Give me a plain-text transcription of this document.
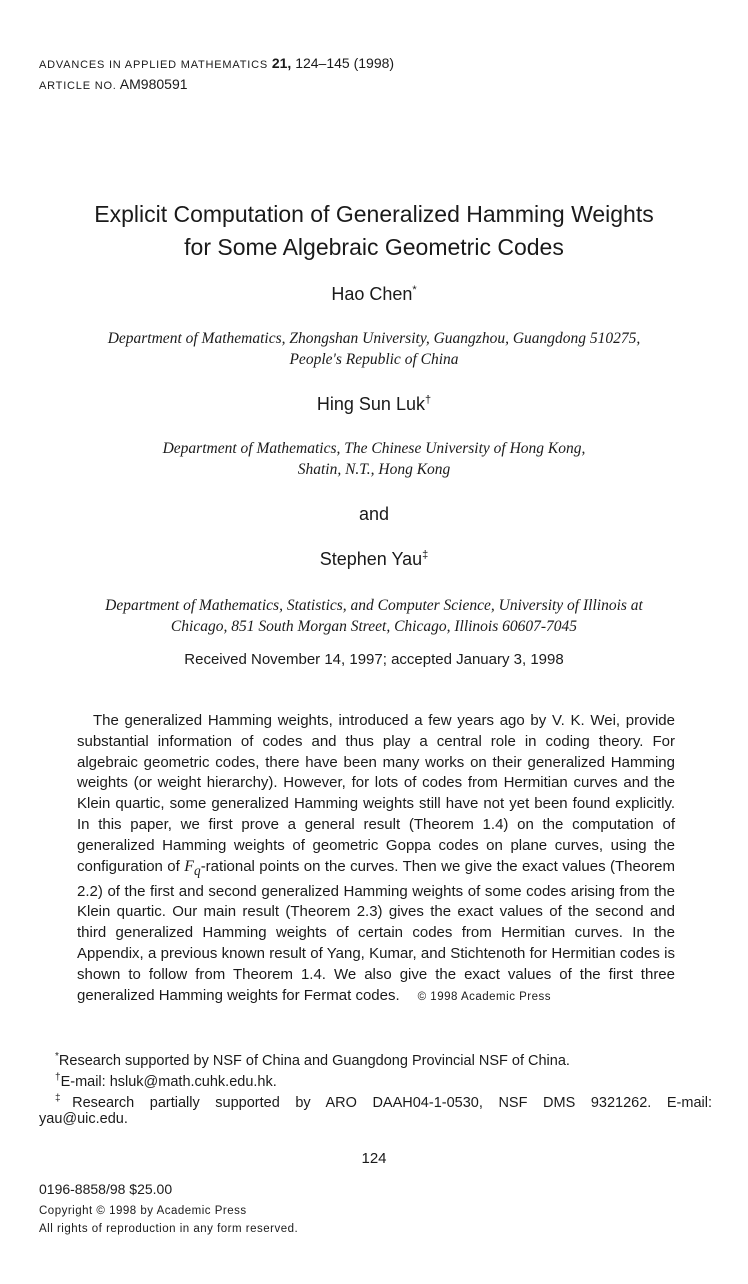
ADVANCES IN APPLIED MATHEMATICS 21, 124–145 (1998)
ARTICLE NO. AM980591
Explicit Computation of Generalized Hamming Weights
for Some Algebraic Geometric Codes
Hao Chen*
Department of Mathematics, Zhongshan University, Guangzhou, Guangdong 510275,
People's Republic of China
Hing Sun Luk†
Department of Mathematics, The Chinese University of Hong Kong,
Shatin, N.T., Hong Kong
and
Stephen Yau‡
Department of Mathematics, Statistics, and Computer Science, University of Illinois at
Chicago, 851 South Morgan Street, Chicago, Illinois 60607-7045
Received November 14, 1997; accepted January 3, 1998
The generalized Hamming weights, introduced a few years ago by V. K. Wei, provide substantial information of codes and thus play a central role in coding theory. For algebraic geometric codes, there have been many works on their generalized Hamming weights (or weight hierarchy). However, for lots of codes from Hermitian curves and the Klein quartic, some generalized Hamming weights still have not yet been found explicitly. In this paper, we first prove a general result (Theorem 1.4) on the computation of generalized Hamming weights of geometric Goppa codes on plane curves, using the configuration of $F_q$-rational points on the curves. Then we give the exact values (Theorem 2.2) of the first and second generalized Hamming weights of some codes arising from the Klein quartic. Our main result (Theorem 2.3) gives the exact values of the second and third generalized Hamming weights of certain codes from Hermitian curves. In the Appendix, a previous known result of Yang, Kumar, and Stichtenoth for Hermitian codes is shown to follow from Theorem 1.4. We also give the exact values of the first three generalized Hamming weights for Fermat codes. © 1998 Academic Press
*Research supported by NSF of China and Guangdong Provincial NSF of China.
†E-mail: hsluk@math.cuhk.edu.hk.
‡Research partially supported by ARO DAAH04-1-0530, NSF DMS 9321262. E-mail:
yau@uic.edu.
124
0196-8858/98 $25.00
Copyright © 1998 by Academic Press
All rights of reproduction in any form reserved.
